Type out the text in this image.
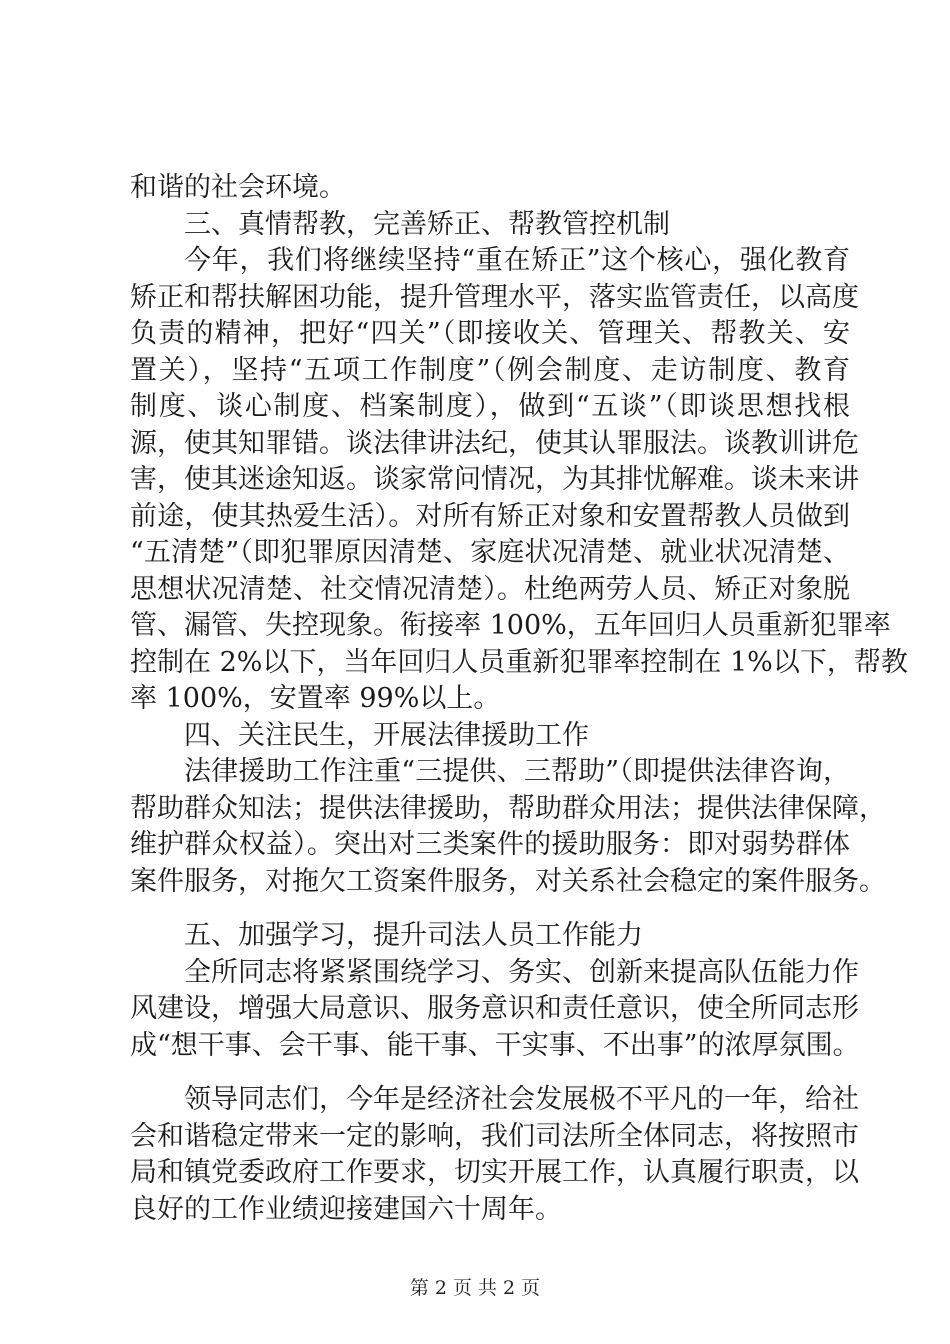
和谐的社会环境。
三、真情帮教，完善矫正、帮教管控机制
今年，我们将继续坚持“重在矫正”这个核心，强化教育
矫正和帮扶解困功能，提升管理水平，落实监管责任，以高度
负责的精神，把好“四关”（即接收关、管理关、帮教关、安
置关），坚持“五项工作制度”（例会制度、走访制度、教育
制度、谈心制度、档案制度），做到“五谈”（即谈思想找根
源，使其知罪错。谈法律讲法纪，使其认罪服法。谈教训讲危
害，使其迷途知返。谈家常问情况，为其排忧解难。谈未来讲
前途，使其热爱生活）。对所有矫正对象和安置帮教人员做到
“五清楚”（即犯罪原因清楚、家庭状况清楚、就业状况清楚、
思想状况清楚、社交情况清楚）。杜绝两劳人员、矫正对象脱
管、漏管、失控现象。衔接率 100%，五年回归人员重新犯罪率
控制在 2%以下，当年回归人员重新犯罪率控制在 1%以下，帮教
率 100%，安置率 99%以上。
四、关注民生，开展法律援助工作
法律援助工作注重“三提供、三帮助”（即提供法律咨询，
帮助群众知法；提供法律援助，帮助群众用法；提供法律保障，
维护群众权益）。突出对三类案件的援助服务：即对弱势群体
案件服务，对拖欠工资案件服务，对关系社会稳定的案件服务。
五、加强学习，提升司法人员工作能力
全所同志将紧紧围绕学习、务实、创新来提高队伍能力作
风建设，增强大局意识、服务意识和责任意识，使全所同志形
成“想干事、会干事、能干事、干实事、不出事”的浓厚氛围。
领导同志们，今年是经济社会发展极不平凡的一年，给社
会和谐稳定带来一定的影响，我们司法所全体同志，将按照市
局和镇党委政府工作要求，切实开展工作，认真履行职责，以
良好的工作业绩迎接建国六十周年。
第 2 页 共 2 页
